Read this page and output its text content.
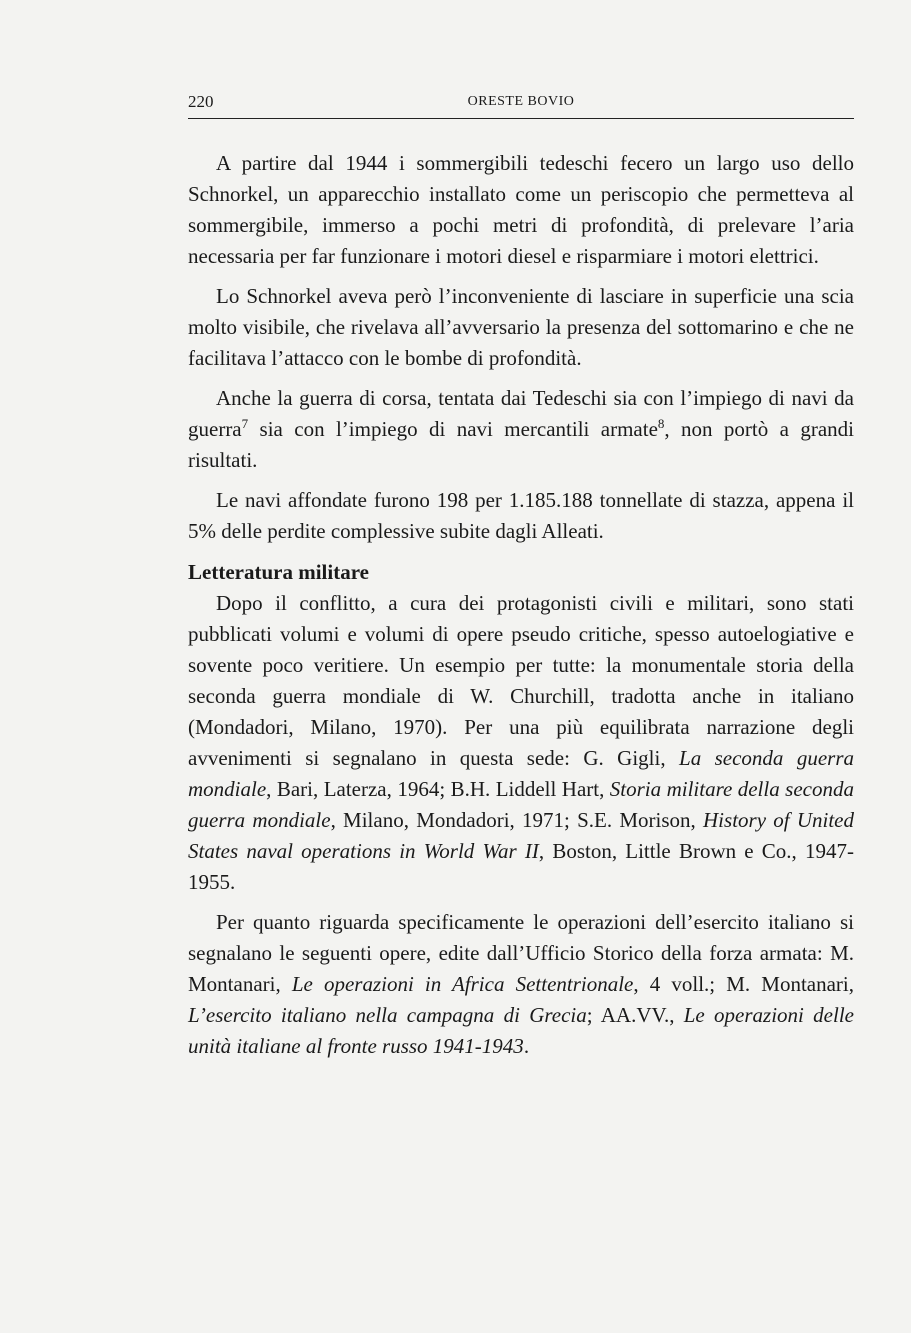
220	ORESTE BOVIO

A partire dal 1944 i sommergibili tedeschi fecero un largo uso dello Schnorkel, un apparecchio installato come un periscopio che permetteva al sommergibile, immerso a pochi metri di profondità, di prelevare l’aria necessaria per far funzionare i motori diesel e risparmiare i motori elettrici.

Lo Schnorkel aveva però l’inconveniente di lasciare in superficie una scia molto visibile, che rivelava all’avversario la presenza del sottomarino e che ne facilitava l’attacco con le bombe di profondità.

Anche la guerra di corsa, tentata dai Tedeschi sia con l’impiego di navi da guerra$^7$ sia con l’impiego di navi mercantili armate$^8$, non portò a grandi risultati.

Le navi affondate furono 198 per 1.185.188 tonnellate di stazza, appena il 5% delle perdite complessive subite dagli Alleati.

Letteratura militare

Dopo il conflitto, a cura dei protagonisti civili e militari, sono stati pubblicati volumi e volumi di opere pseudo critiche, spesso autoelogiative e sovente poco veritiere. Un esempio per tutte: la monumentale storia della seconda guerra mondiale di W. Churchill, tradotta anche in italiano (Mondadori, Milano, 1970). Per una più equilibrata narrazione degli avvenimenti si segnalano in questa sede: G. Gigli, La seconda guerra mondiale, Bari, Laterza, 1964; B.H. Liddell Hart, Storia militare della seconda guerra mondiale, Milano, Mondadori, 1971; S.E. Morison, History of United States naval operations in World War II, Boston, Little Brown e Co., 1947-1955.

Per quanto riguarda specificamente le operazioni dell’esercito italiano si segnalano le seguenti opere, edite dall’Ufficio Storico della forza armata: M. Montanari, Le operazioni in Africa Settentrionale, 4 voll.; M. Montanari, L’esercito italiano nella campagna di Grecia; AA.VV., Le operazioni delle unità italiane al fronte russo 1941-1943.
